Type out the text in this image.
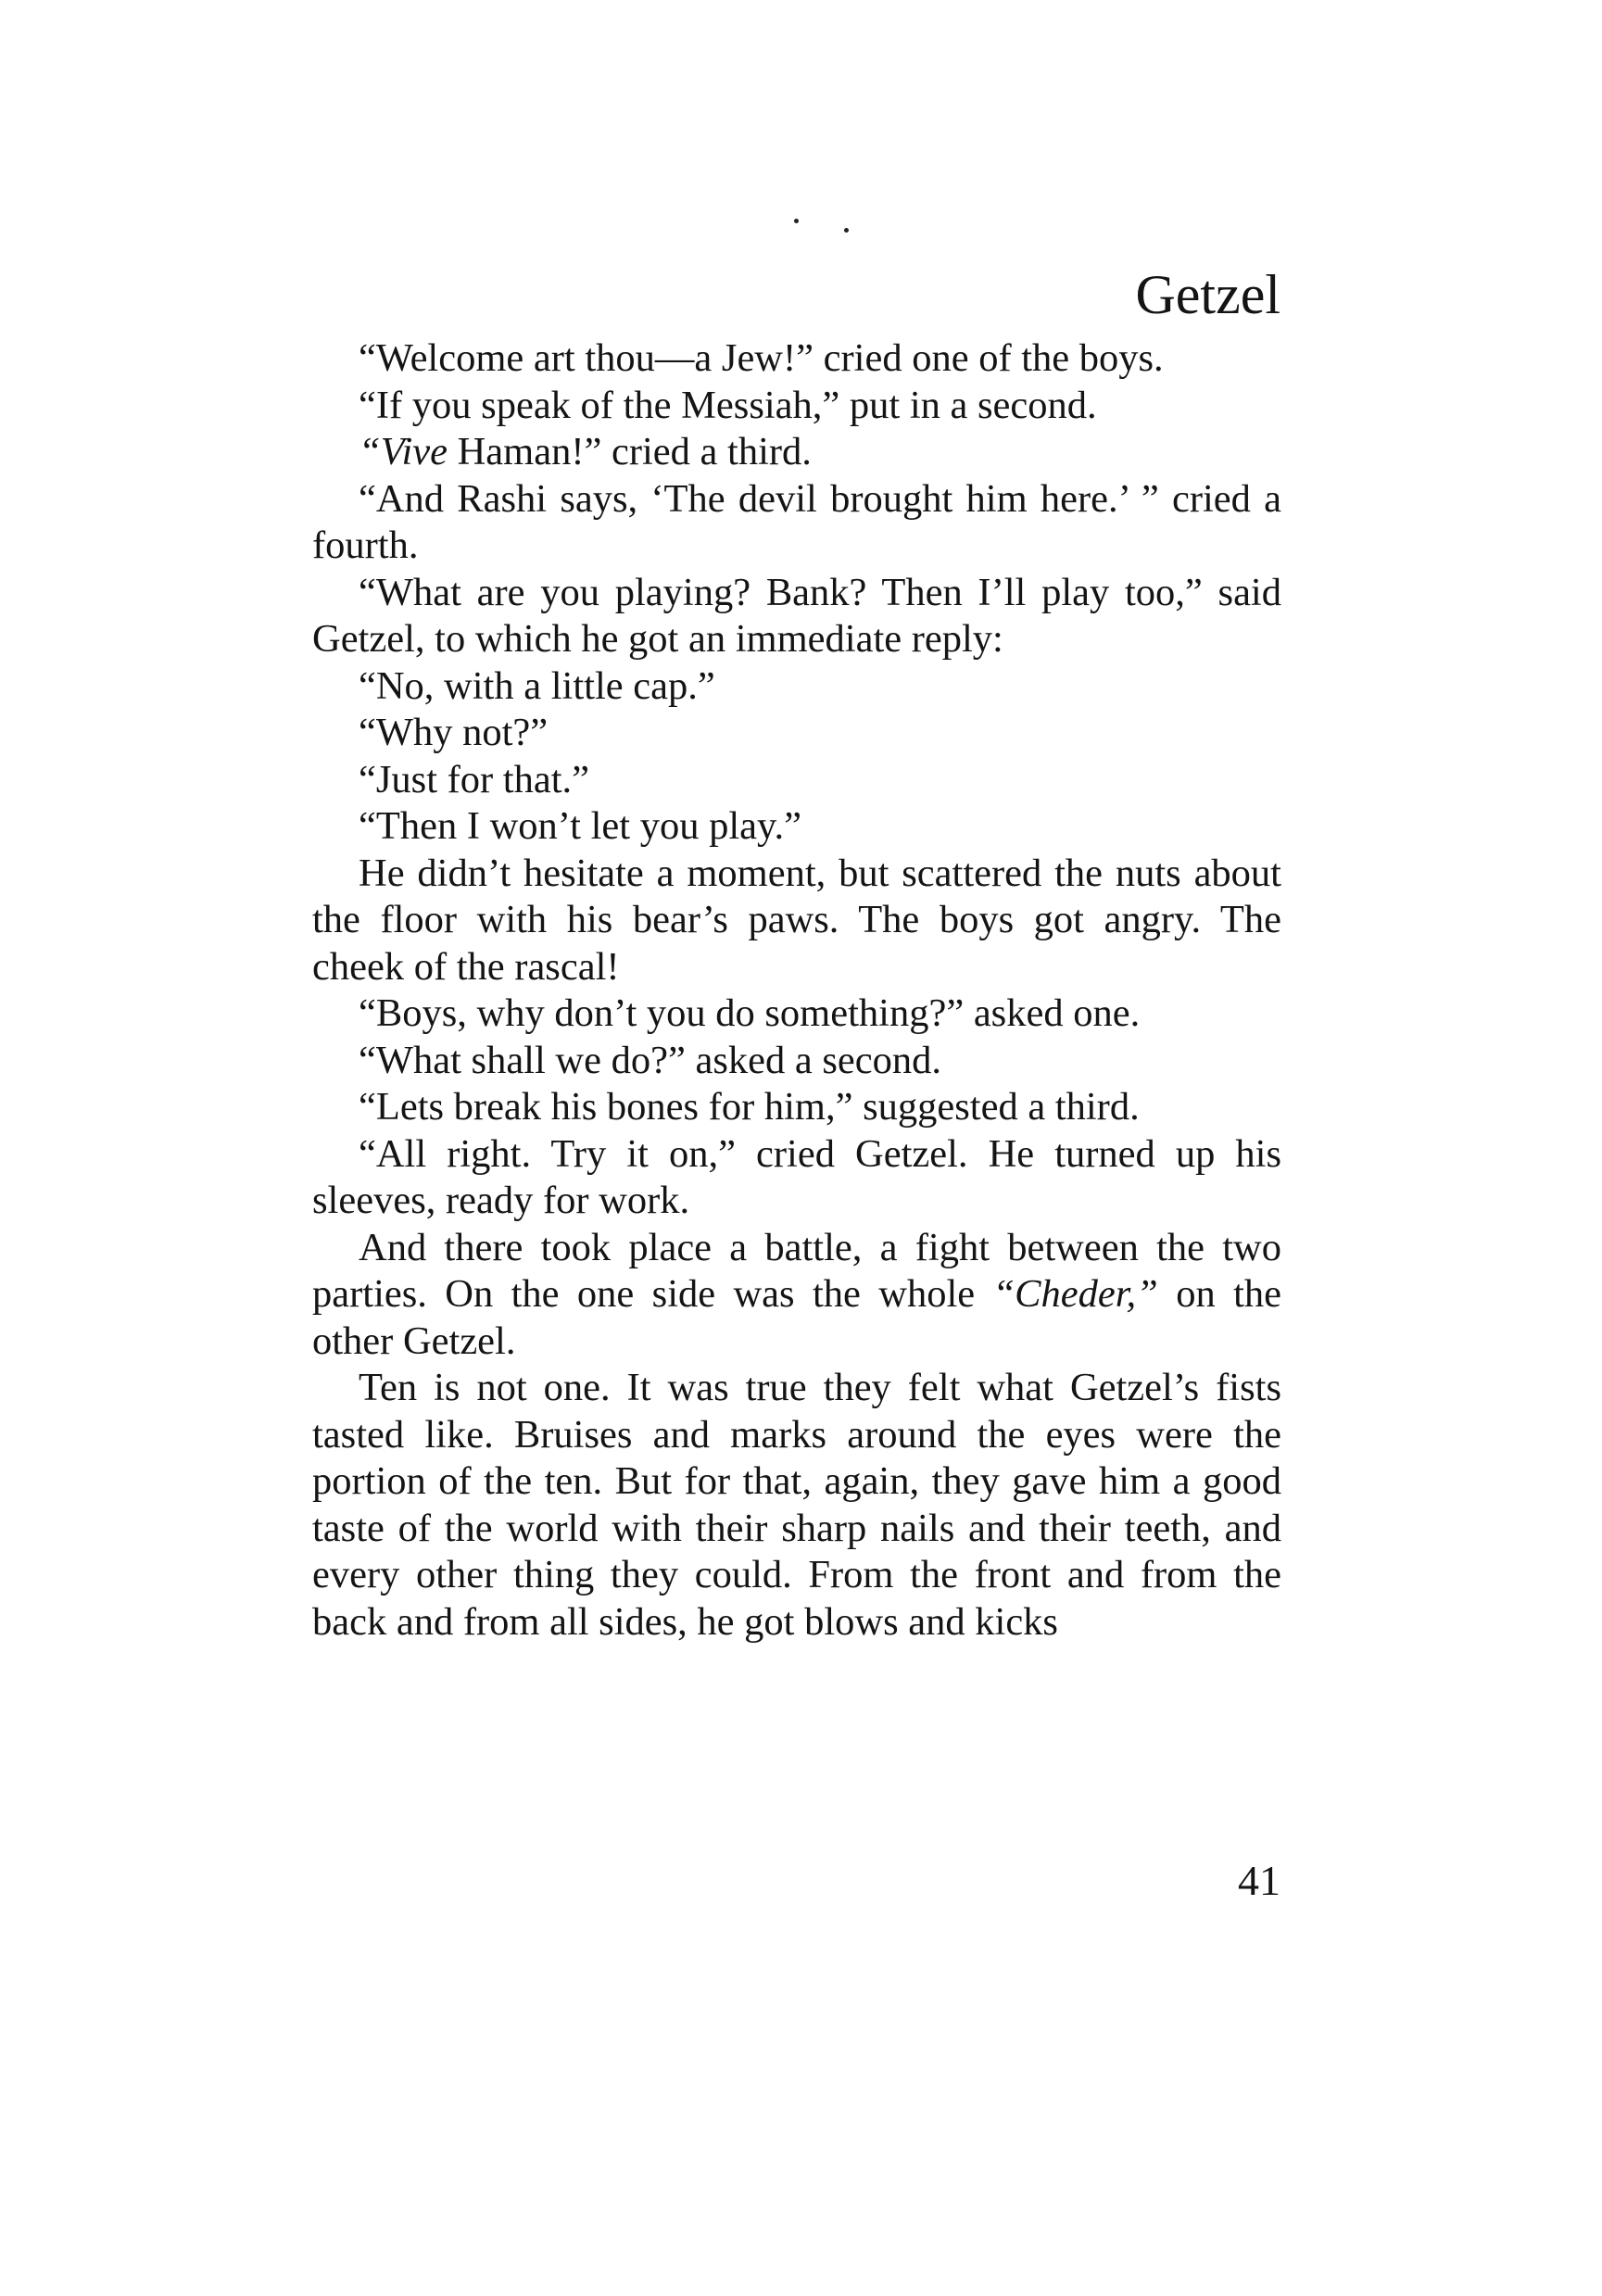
Getzel

“Welcome art thou—a Jew!” cried one of the boys.

“If you speak of the Messiah,” put in a second.

“Vive Haman!” cried a third.

“And Rashi says, ‘The devil brought him here.’ ” cried a fourth.

“What are you playing? Bank? Then I’ll play too,” said Getzel, to which he got an immediate reply:

“No, with a little cap.”

“Why not?”

“Just for that.”

“Then I won’t let you play.”

He didn’t hesitate a moment, but scattered the nuts about the floor with his bear’s paws. The boys got angry. The cheek of the rascal!

“Boys, why don’t you do something?” asked one.

“What shall we do?” asked a second.

“Lets break his bones for him,” suggested a third.

“All right. Try it on,” cried Getzel. He turned up his sleeves, ready for work.

And there took place a battle, a fight between the two parties. On the one side was the whole “Cheder,” on the other Getzel.

Ten is not one. It was true they felt what Getzel’s fists tasted like. Bruises and marks around the eyes were the portion of the ten. But for that, again, they gave him a good taste of the world with their sharp nails and their teeth, and every other thing they could. From the front and from the back and from all sides, he got blows and kicks

41
